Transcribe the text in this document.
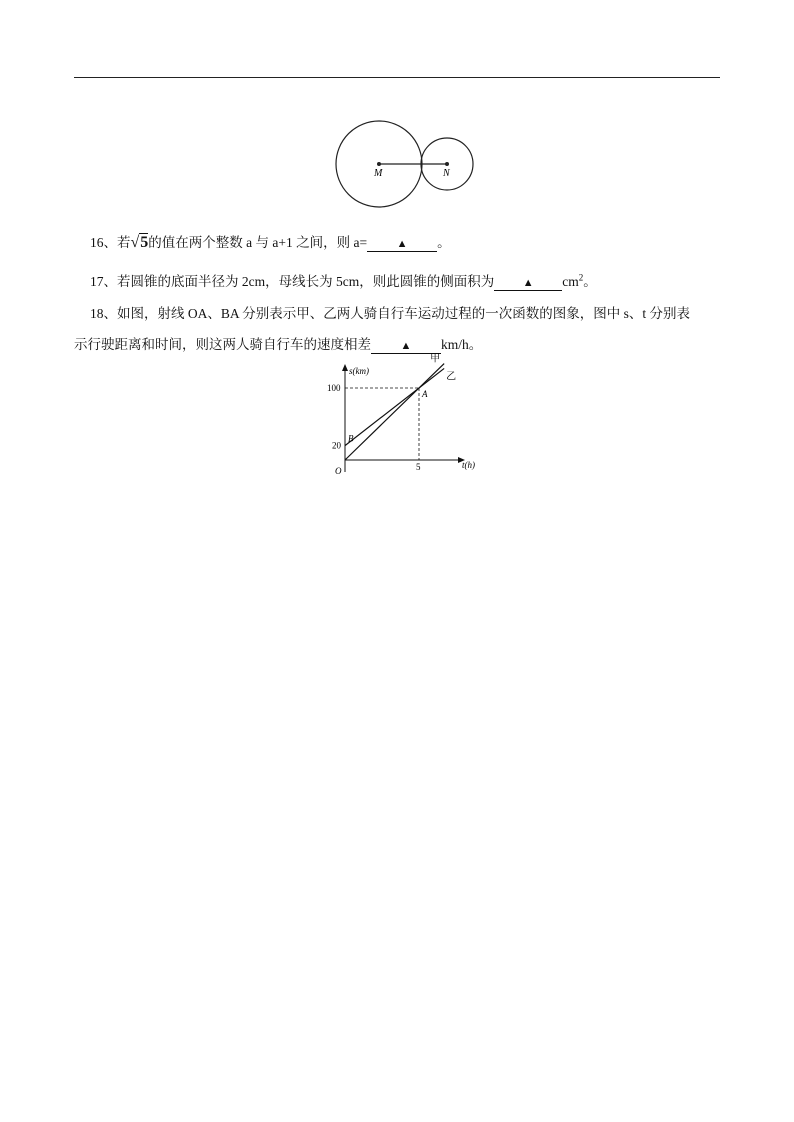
M	N
16、若√5的值在两个整数 a 与 a+1 之间，则 a=	▲ 。
17、若圆锥的底面半径为 2cm，母线长为 5cm，则此圆锥的侧面积为	▲ $cm^2$。
18、如图，射线 OA、BA 分别表示甲、乙两人骑自行车运动过程的一次函数的图象，图中 s、t 分别表
示行驶距离和时间，则这两人骑自行车的速度相差	▲ km/h。
s(km)
t(h)
O
100
20
5
A
B
甲
乙
